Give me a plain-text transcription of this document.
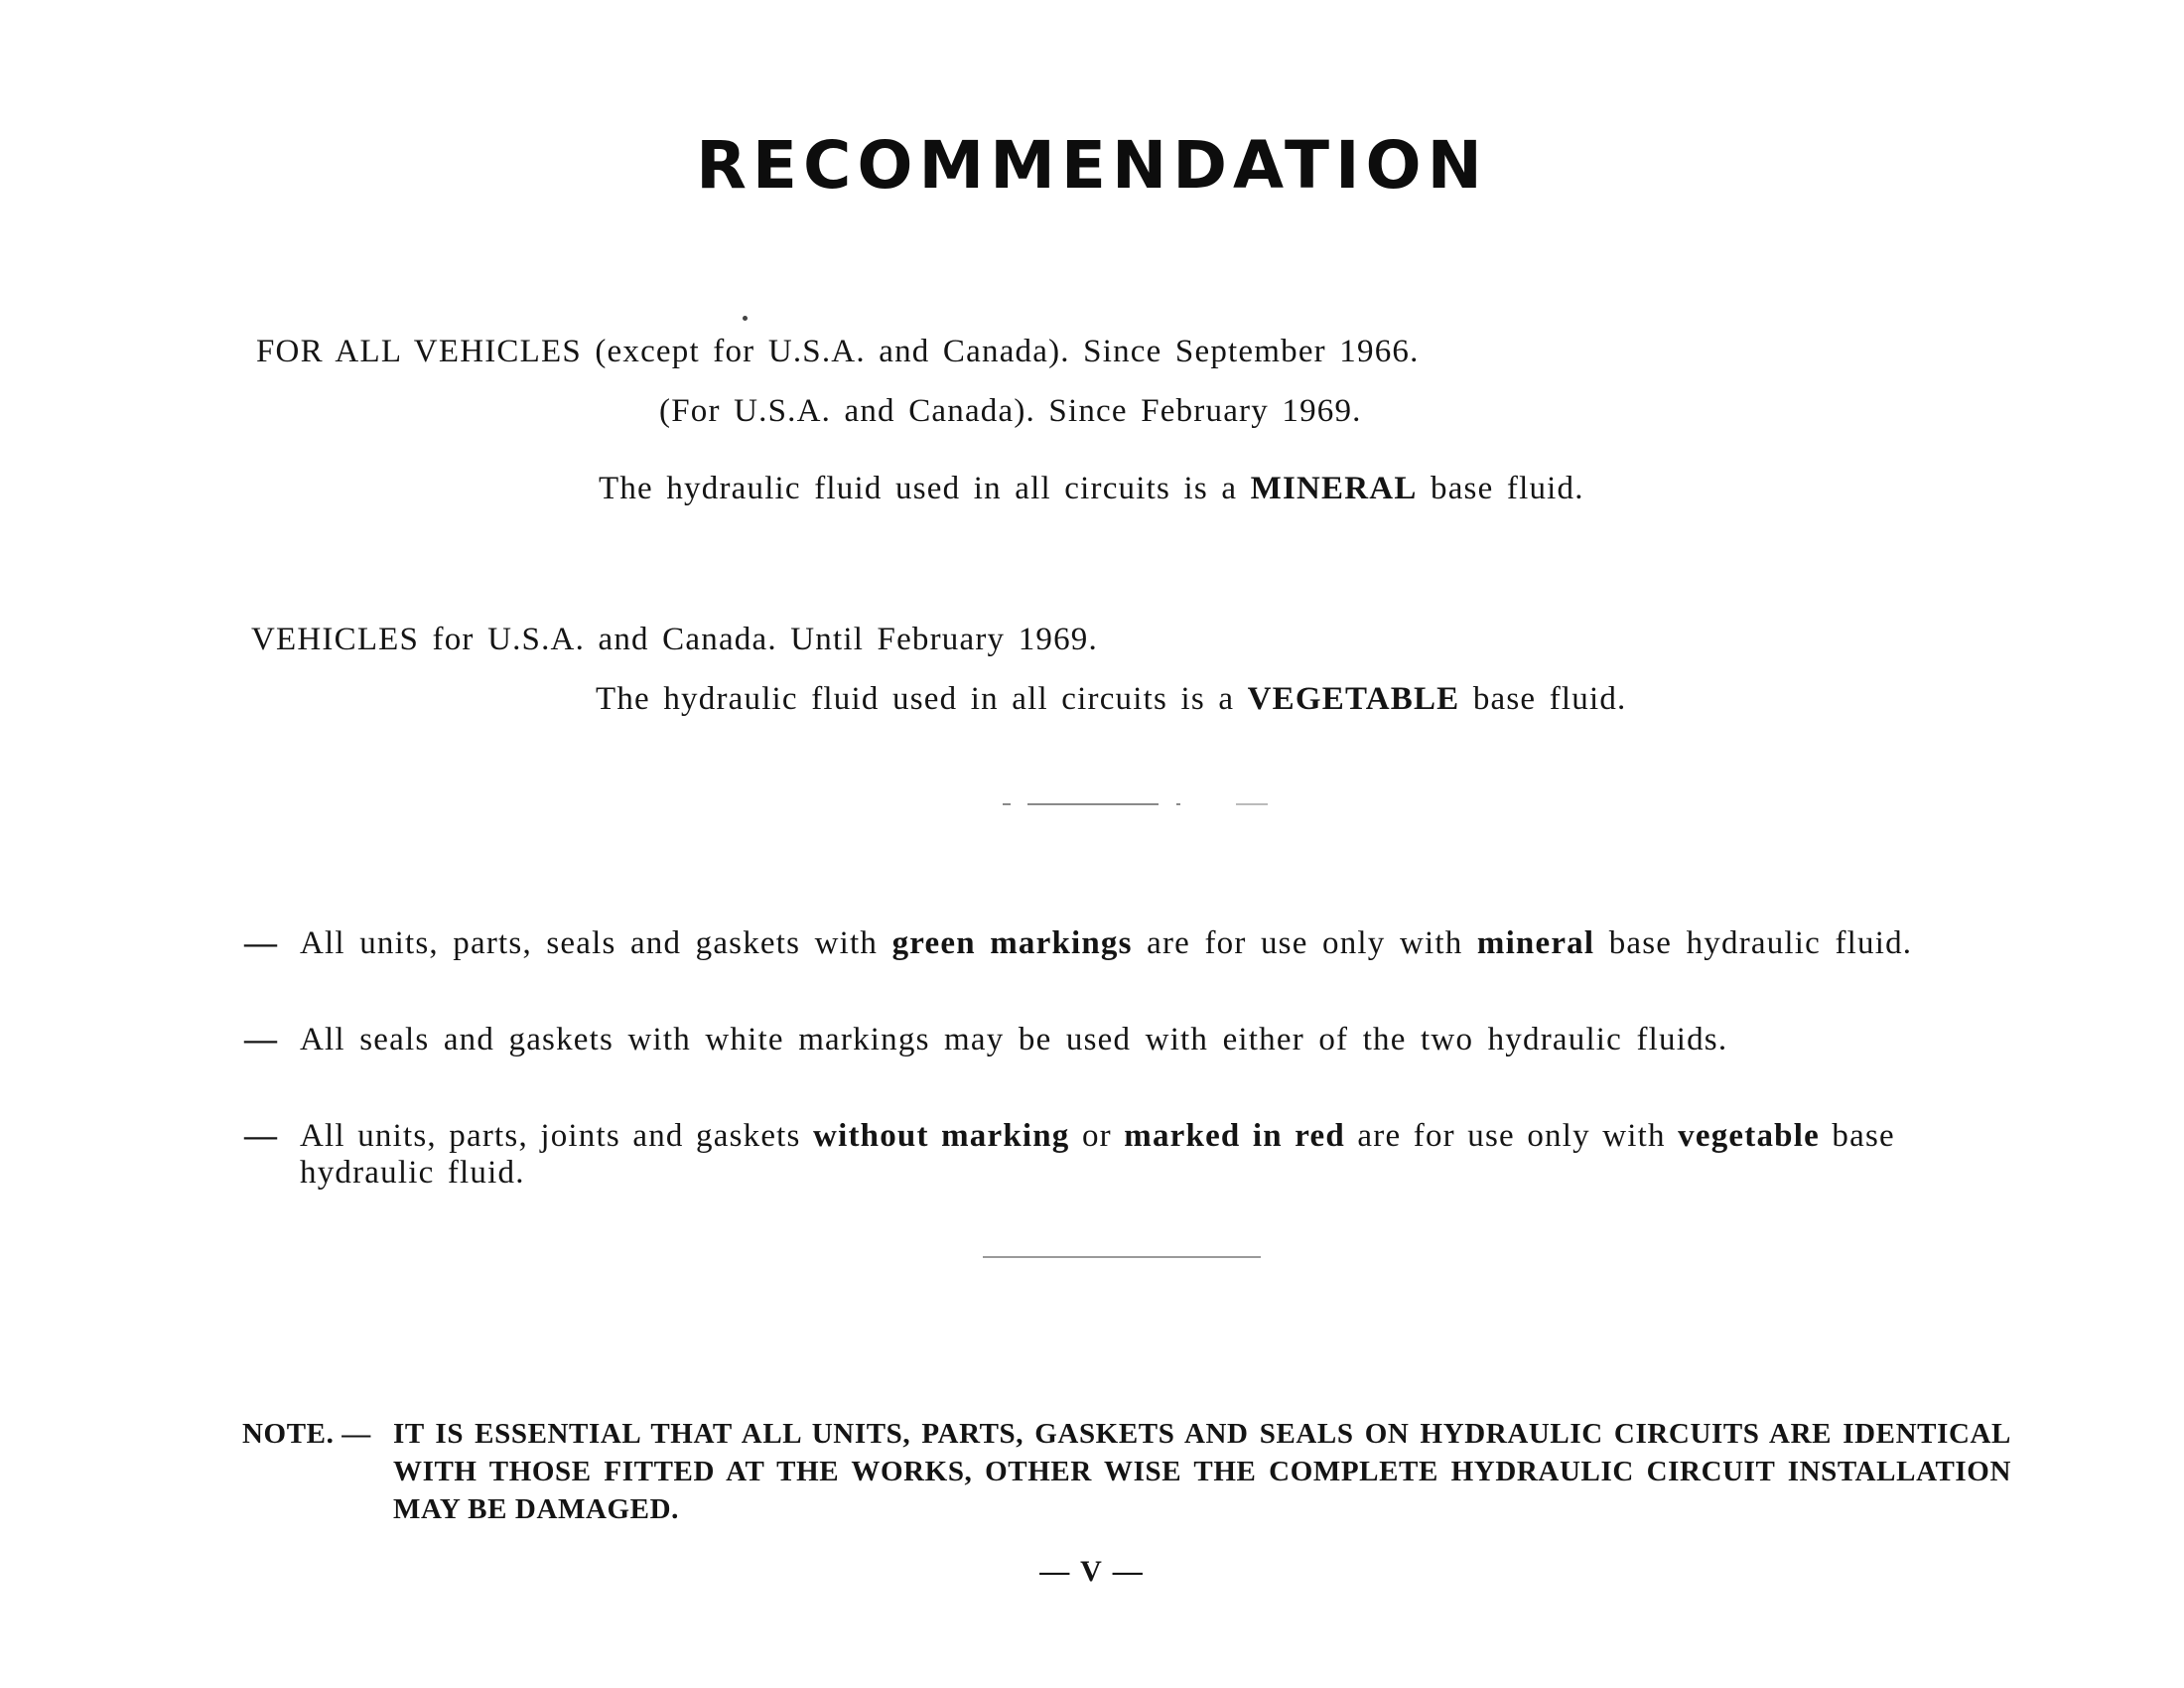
RECOMMENDATION
FOR ALL VEHICLES (except for U.S.A. and Canada). Since September 1966.
(For U.S.A. and Canada). Since February 1969.
The hydraulic fluid used in all circuits is a MINERAL base fluid.
VEHICLES for U.S.A. and Canada. Until February 1969.
The hydraulic fluid used in all circuits is a VEGETABLE base fluid.
— All units, parts, seals and gaskets with green markings are for use only with mineral base hydraulic fluid.
— All seals and gaskets with white markings may be used with either of the two hydraulic fluids.
— All units, parts, joints and gaskets without marking or marked in red are for use only with vegetable base
hydraulic fluid.
NOTE. — IT IS ESSENTIAL THAT ALL UNITS, PARTS, GASKETS AND SEALS ON HYDRAULIC CIRCUITS ARE IDENTICAL WITH THOSE FITTED AT THE WORKS, OTHER WISE THE COMPLETE HYDRAULIC CIRCUIT INSTALLATION MAY BE DAMAGED.
— V —
